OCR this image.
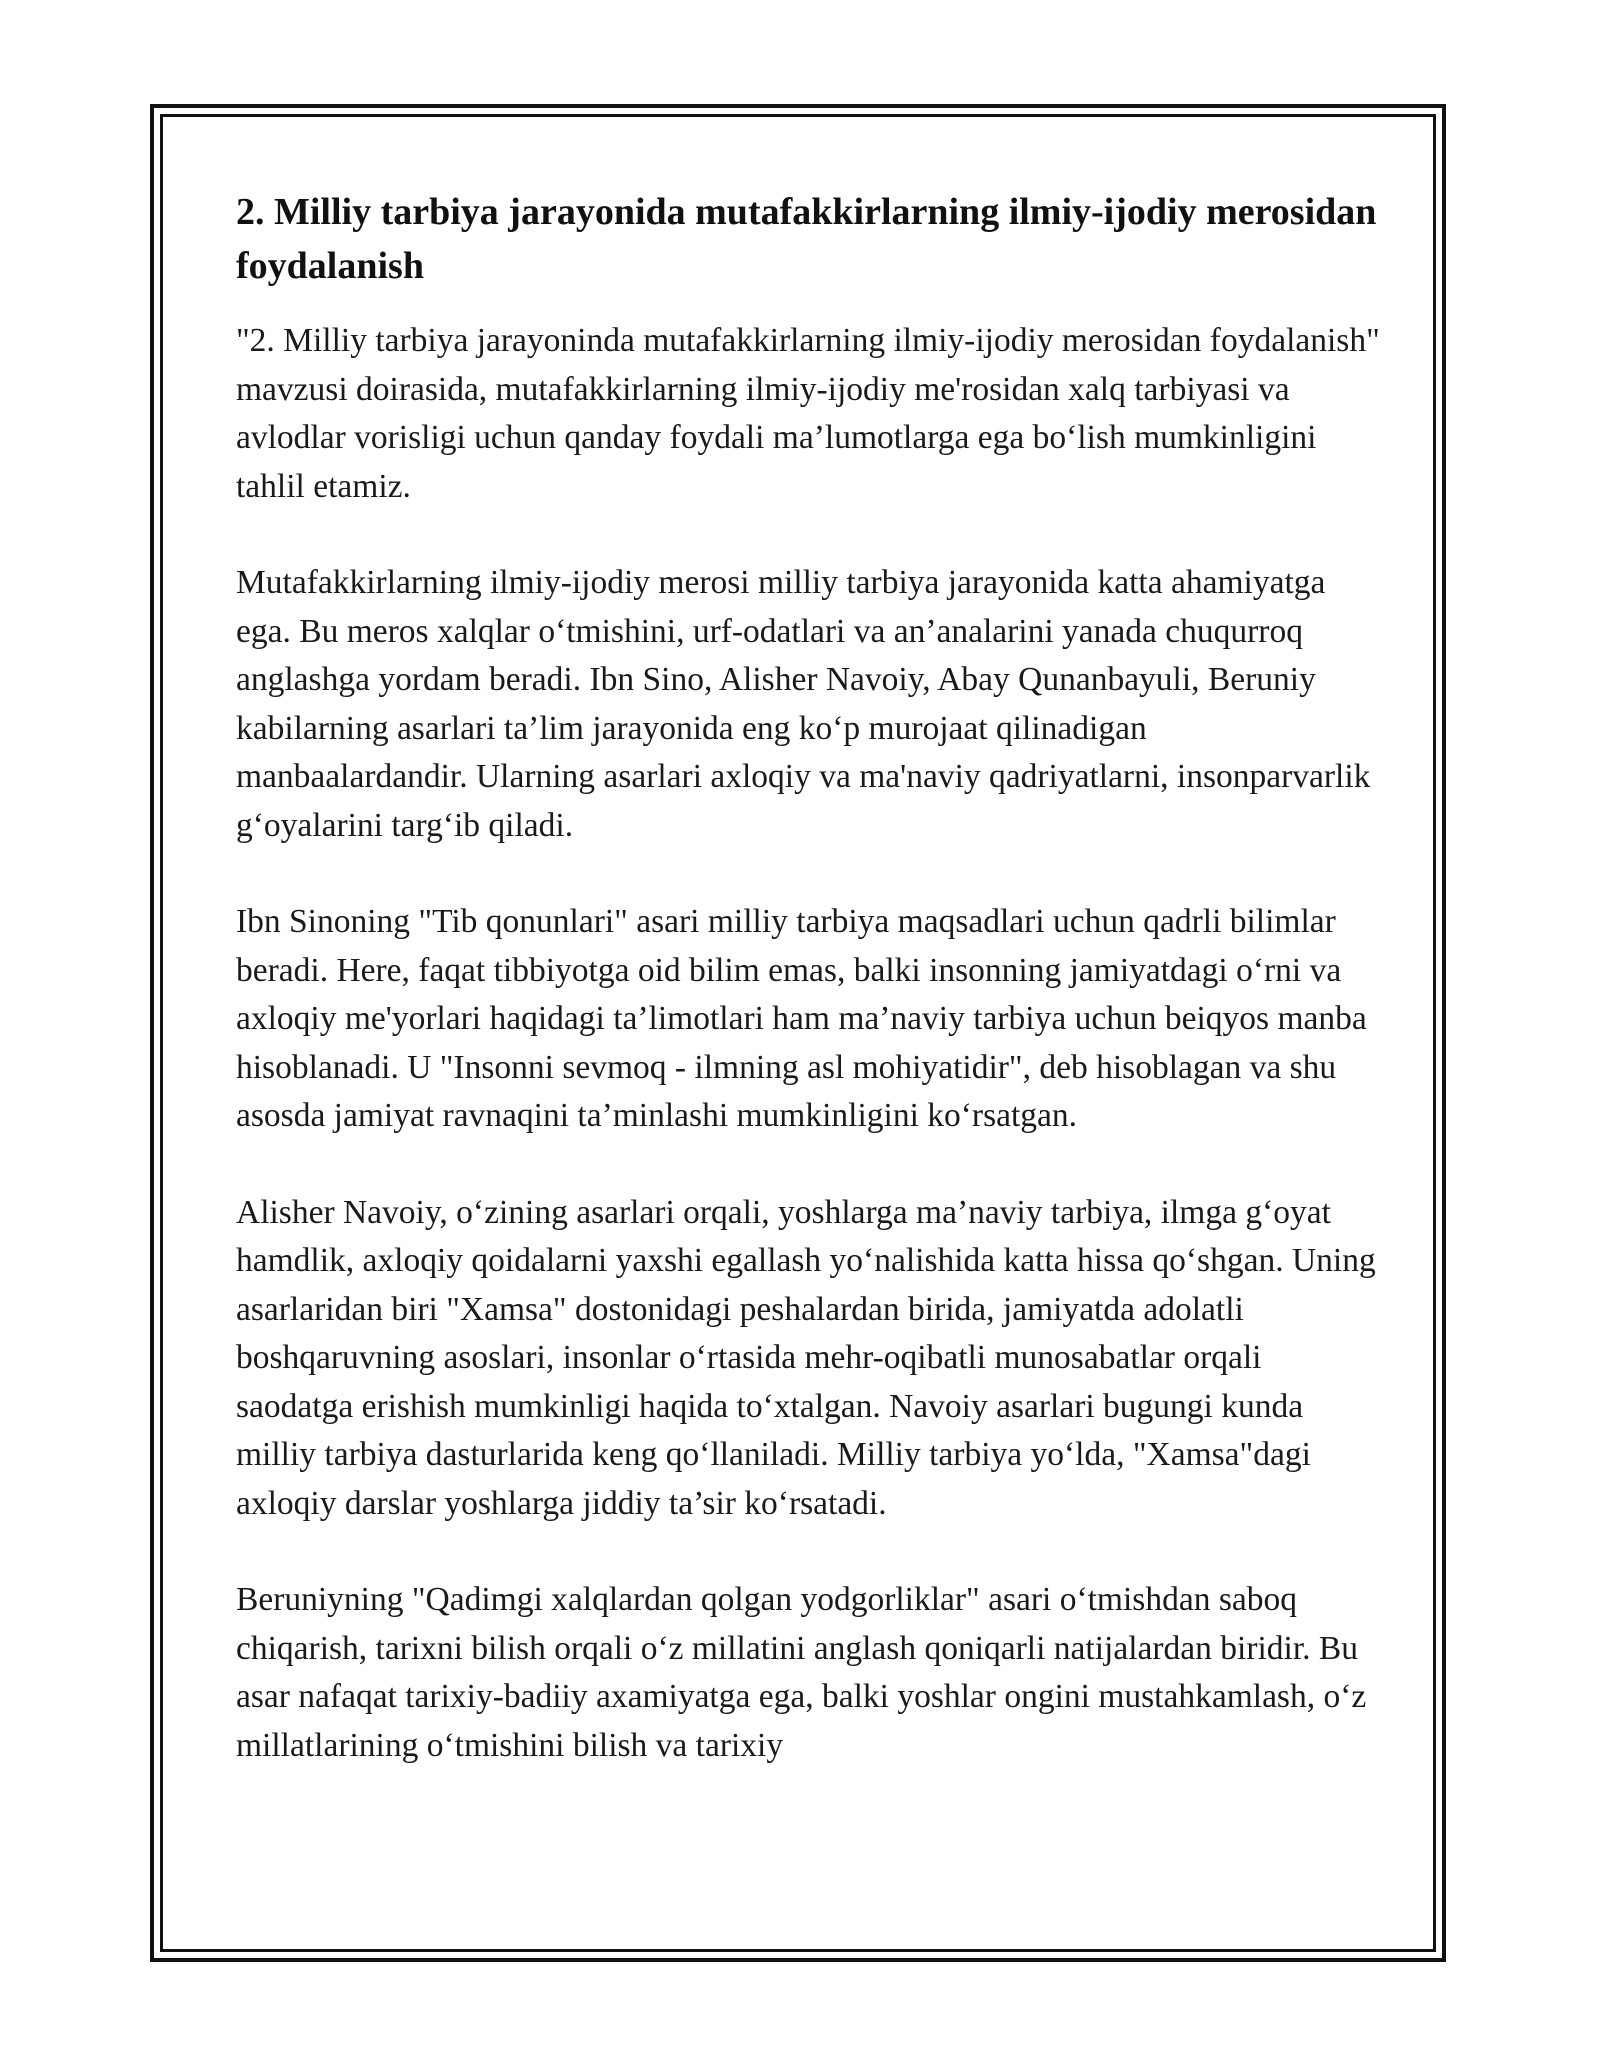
2. Milliy tarbiya jarayonida mutafakkirlarning ilmiy-ijodiy merosidan foydalanish

"2. Milliy tarbiya jarayoninda mutafakkirlarning ilmiy-ijodiy merosidan foydalanish" mavzusi doirasida, mutafakkirlarning ilmiy-ijodiy me'rosidan xalq tarbiyasi va avlodlar vorisligi uchun qanday foydali ma’lumotlarga ega bo‘lish mumkinligini tahlil etamiz.

Mutafakkirlarning ilmiy-ijodiy merosi milliy tarbiya jarayonida katta ahamiyatga ega. Bu meros xalqlar o‘tmishini, urf-odatlari va an’analarini yanada chuqurroq anglashga yordam beradi. Ibn Sino, Alisher Navoiy, Abay Qunanbayuli, Beruniy kabilarning asarlari ta’lim jarayonida eng ko‘p murojaat qilinadigan manbaalardandir. Ularning asarlari axloqiy va ma'naviy qadriyatlarni, insonparvarlik g‘oyalarini targ‘ib qiladi.

Ibn Sinoning "Tib qonunlari" asari milliy tarbiya maqsadlari uchun qadrli bilimlar beradi. Here, faqat tibbiyotga oid bilim emas, balki insonning jamiyatdagi o‘rni va axloqiy me'yorlari haqidagi ta’limotlari ham ma’naviy tarbiya uchun beiqyos manba hisoblanadi. U "Insonni sevmoq - ilmning asl mohiyatidir", deb hisoblagan va shu asosda jamiyat ravnaqini ta’minlashi mumkinligini ko‘rsatgan.

Alisher Navoiy, o‘zining asarlari orqali, yoshlarga ma’naviy tarbiya, ilmga g‘oyat hamdlik, axloqiy qoidalarni yaxshi egallash yo‘nalishida katta hissa qo‘shgan. Uning asarlaridan biri "Xamsa" dostonidagi peshalardan birida, jamiyatda adolatli boshqaruvning asoslari, insonlar o‘rtasida mehr-oqibatli munosabatlar orqali saodatga erishish mumkinligi haqida to‘xtalgan. Navoiy asarlari bugungi kunda milliy tarbiya dasturlarida keng qo‘llaniladi. Milliy tarbiya yo‘lda, "Xamsa"dagi axloqiy darslar yoshlarga jiddiy ta’sir ko‘rsatadi.

Beruniyning "Qadimgi xalqlardan qolgan yodgorliklar" asari o‘tmishdan saboq chiqarish, tarixni bilish orqali o‘z millatini anglash qoniqarli natijalardan biridir. Bu asar nafaqat tarixiy-badiiy axamiyatga ega, balki yoshlar ongini mustahkamlash, o‘z millatlarining o‘tmishini bilish va tarixiy
